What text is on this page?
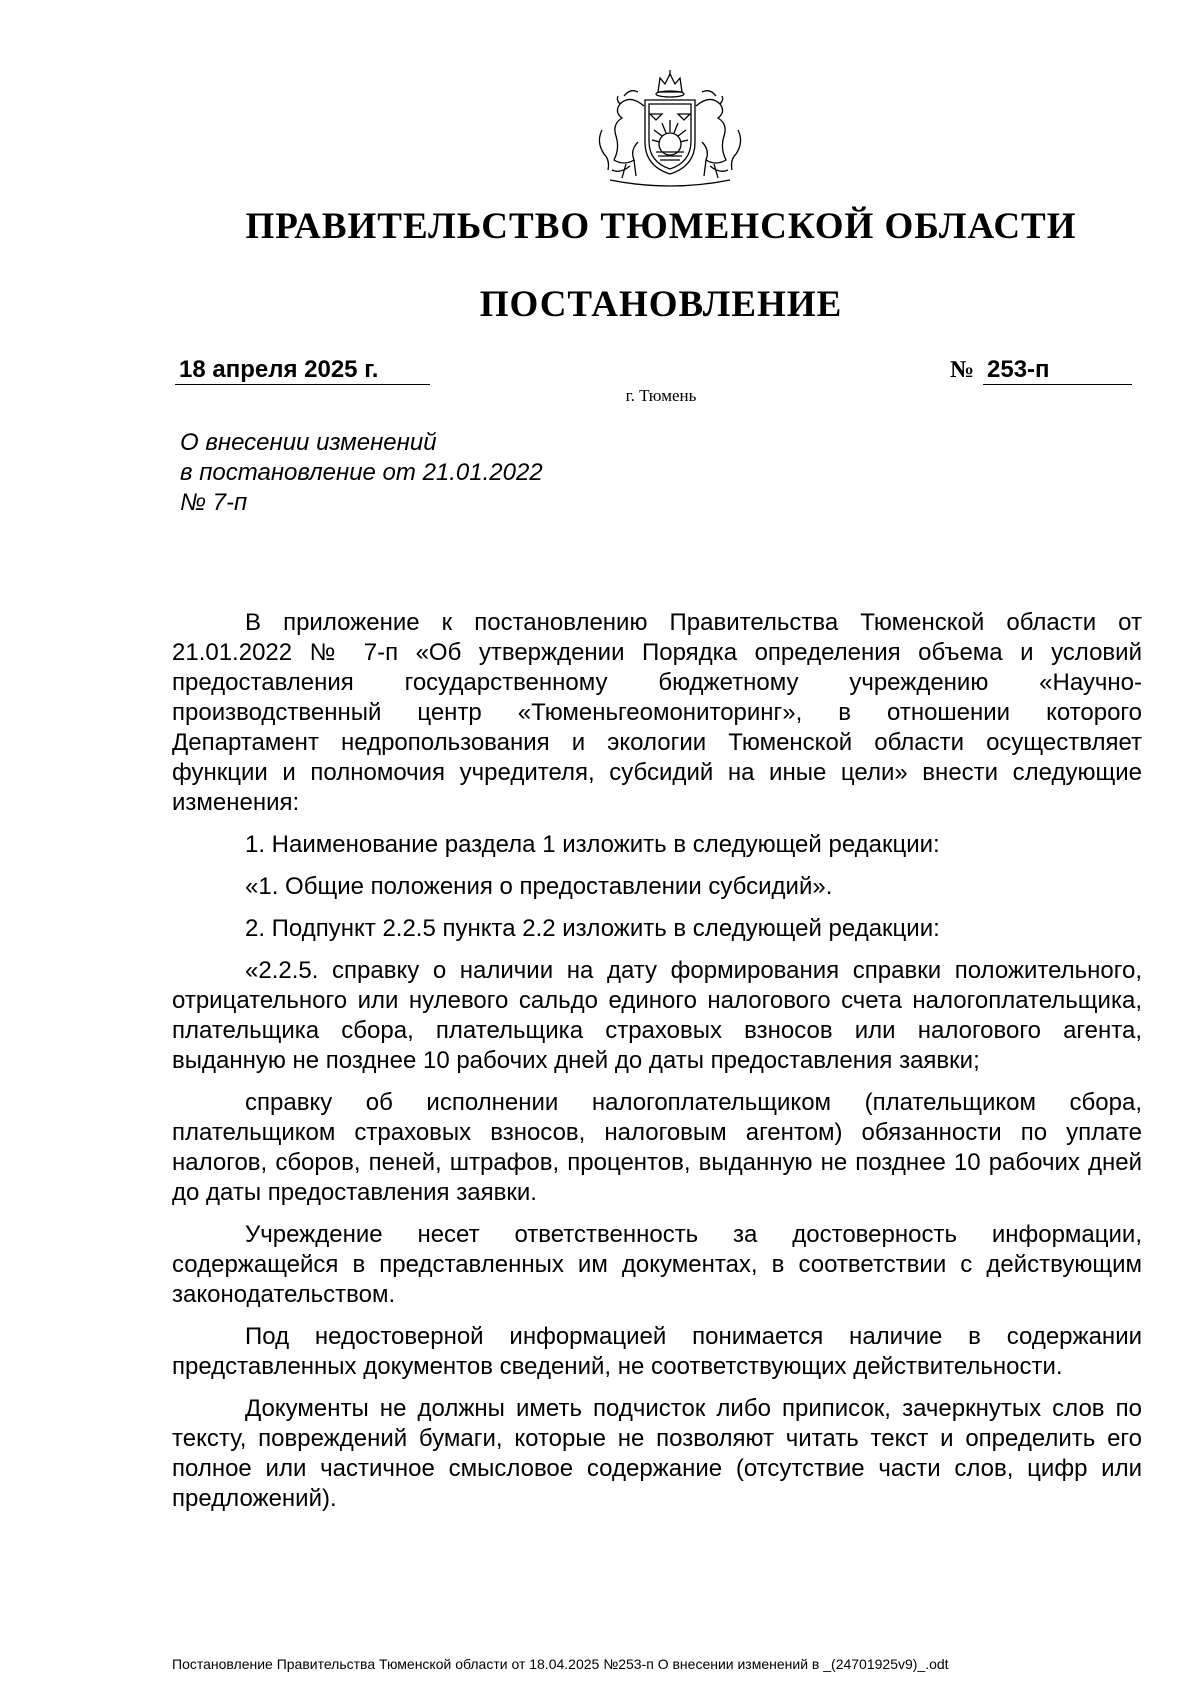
ПРАВИТЕЛЬСТВО ТЮМЕНСКОЙ ОБЛАСТИ
ПОСТАНОВЛЕНИЕ
18 апреля 2025 г.	№ 253-п
г. Тюмень
О внесении изменений
в постановление от 21.01.2022
№ 7-п

В приложение к постановлению Правительства Тюменской области от 21.01.2022 № 7-п «Об утверждении Порядка определения объема и условий предоставления государственному бюджетному учреждению «Научно-производственный центр «Тюменьгеомониторинг», в отношении которого Департамент недропользования и экологии Тюменской области осуществляет функции и полномочия учредителя, субсидий на иные цели» внести следующие изменения:

1. Наименование раздела 1 изложить в следующей редакции:

«1. Общие положения о предоставлении субсидий».

2. Подпункт 2.2.5 пункта 2.2 изложить в следующей редакции:

«2.2.5. справку о наличии на дату формирования справки положительного, отрицательного или нулевого сальдо единого налогового счета налогоплательщика, плательщика сбора, плательщика страховых взносов или налогового агента, выданную не позднее 10 рабочих дней до даты предоставления заявки;

справку об исполнении налогоплательщиком (плательщиком сбора, плательщиком страховых взносов, налоговым агентом) обязанности по уплате налогов, сборов, пеней, штрафов, процентов, выданную не позднее 10 рабочих дней до даты предоставления заявки.

Учреждение несет ответственность за достоверность информации, содержащейся в представленных им документах, в соответствии с действующим законодательством.

Под недостоверной информацией понимается наличие в содержании представленных документов сведений, не соответствующих действительности.

Документы не должны иметь подчисток либо приписок, зачеркнутых слов по тексту, повреждений бумаги, которые не позволяют читать текст и определить его полное или частичное смысловое содержание (отсутствие части слов, цифр или предложений).

Постановление Правительства Тюменской области от 18.04.2025 №253-п О внесении изменений в _(24701925v9)_.odt
